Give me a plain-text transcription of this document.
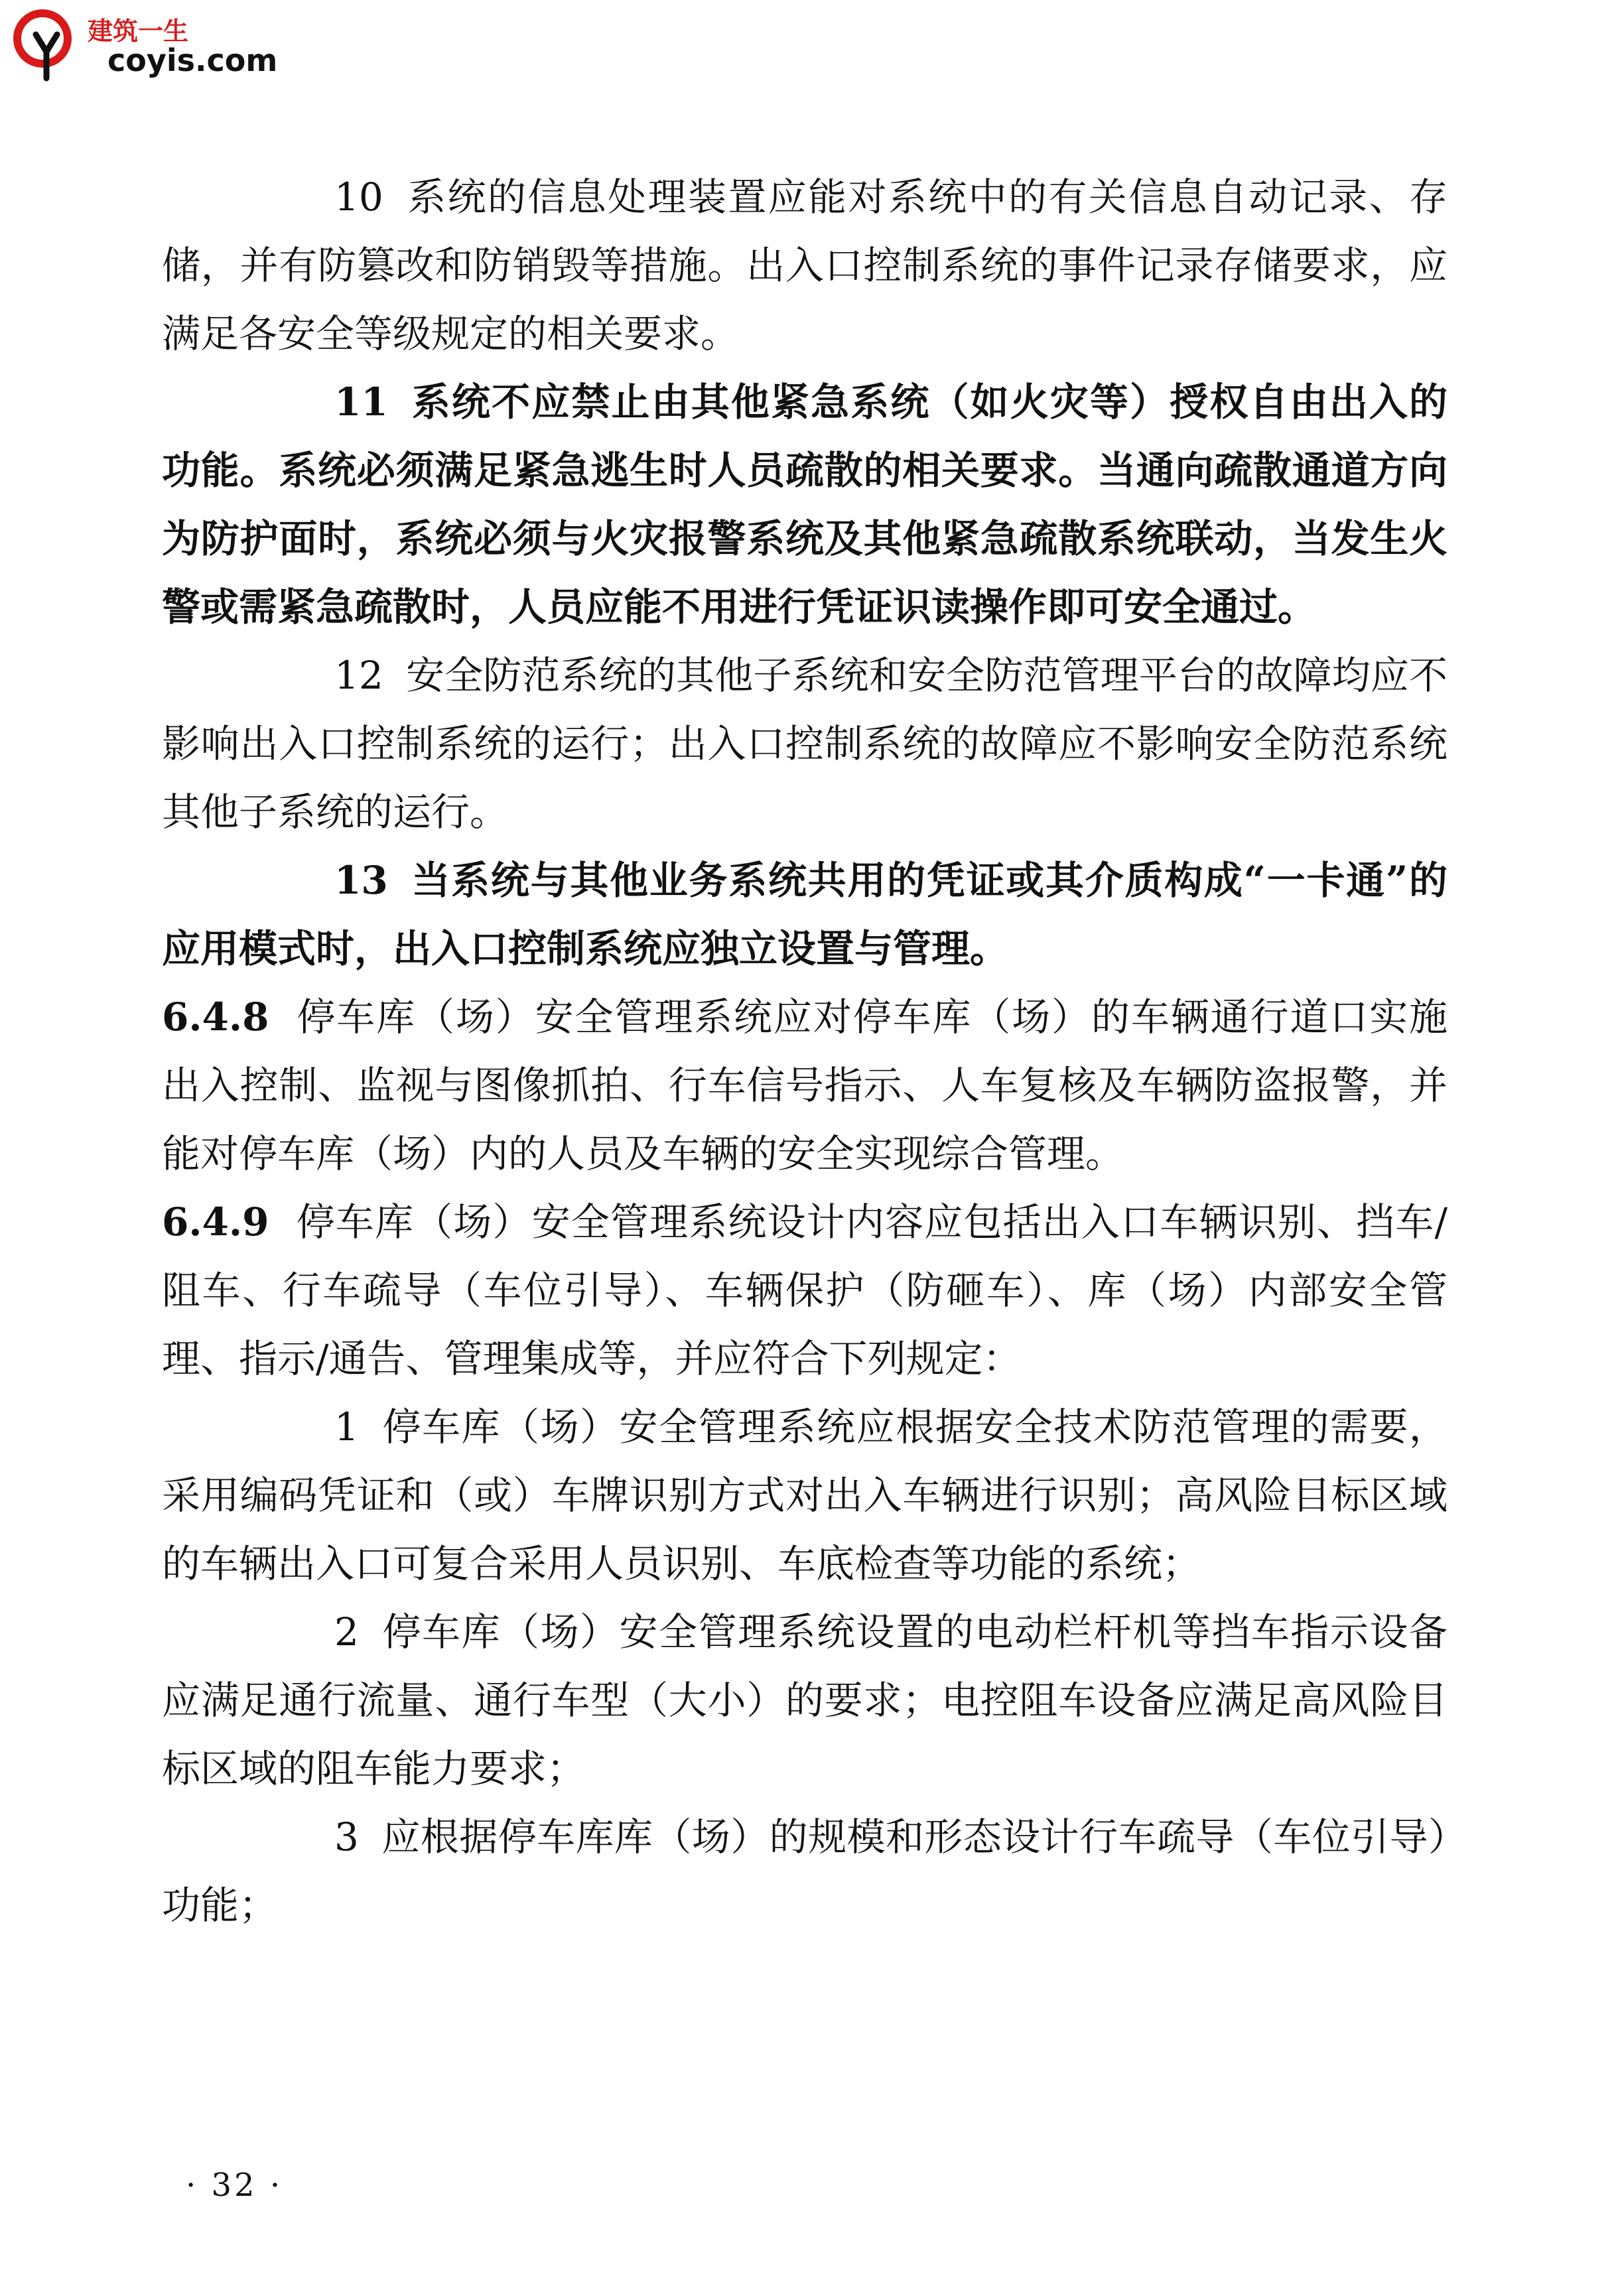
建筑一生
coyis.com

10 系统的信息处理装置应能对系统中的有关信息自动记录、存储，并有防篡改和防销毁等措施。出入口控制系统的事件记录存储要求，应满足各安全等级规定的相关要求。

11 系统不应禁止由其他紧急系统（如火灾等）授权自由出入的功能。系统必须满足紧急逃生时人员疏散的相关要求。当通向疏散通道方向为防护面时，系统必须与火灾报警系统及其他紧急疏散系统联动，当发生火警或需紧急疏散时，人员应能不用进行凭证识读操作即可安全通过。

12 安全防范系统的其他子系统和安全防范管理平台的故障均应不影响出入口控制系统的运行；出入口控制系统的故障应不影响安全防范系统其他子系统的运行。

13 当系统与其他业务系统共用的凭证或其介质构成“一卡通”的应用模式时，出入口控制系统应独立设置与管理。

6.4.8 停车库（场）安全管理系统应对停车库（场）的车辆通行道口实施出入控制、监视与图像抓拍、行车信号指示、人车复核及车辆防盗报警，并能对停车库（场）内的人员及车辆的安全实现综合管理。

6.4.9 停车库（场）安全管理系统设计内容应包括出入口车辆识别、挡车/阻车、行车疏导（车位引导）、车辆保护（防砸车）、库（场）内部安全管理、指示/通告、管理集成等，并应符合下列规定：

1 停车库（场）安全管理系统应根据安全技术防范管理的需要，采用编码凭证和（或）车牌识别方式对出入车辆进行识别；高风险目标区域的车辆出入口可复合采用人员识别、车底检查等功能的系统；

2 停车库（场）安全管理系统设置的电动栏杆机等挡车指示设备应满足通行流量、通行车型（大小）的要求；电控阻车设备应满足高风险目标区域的阻车能力要求；

3 应根据停车库库（场）的规模和形态设计行车疏导（车位引导）功能；

· 32 ·
